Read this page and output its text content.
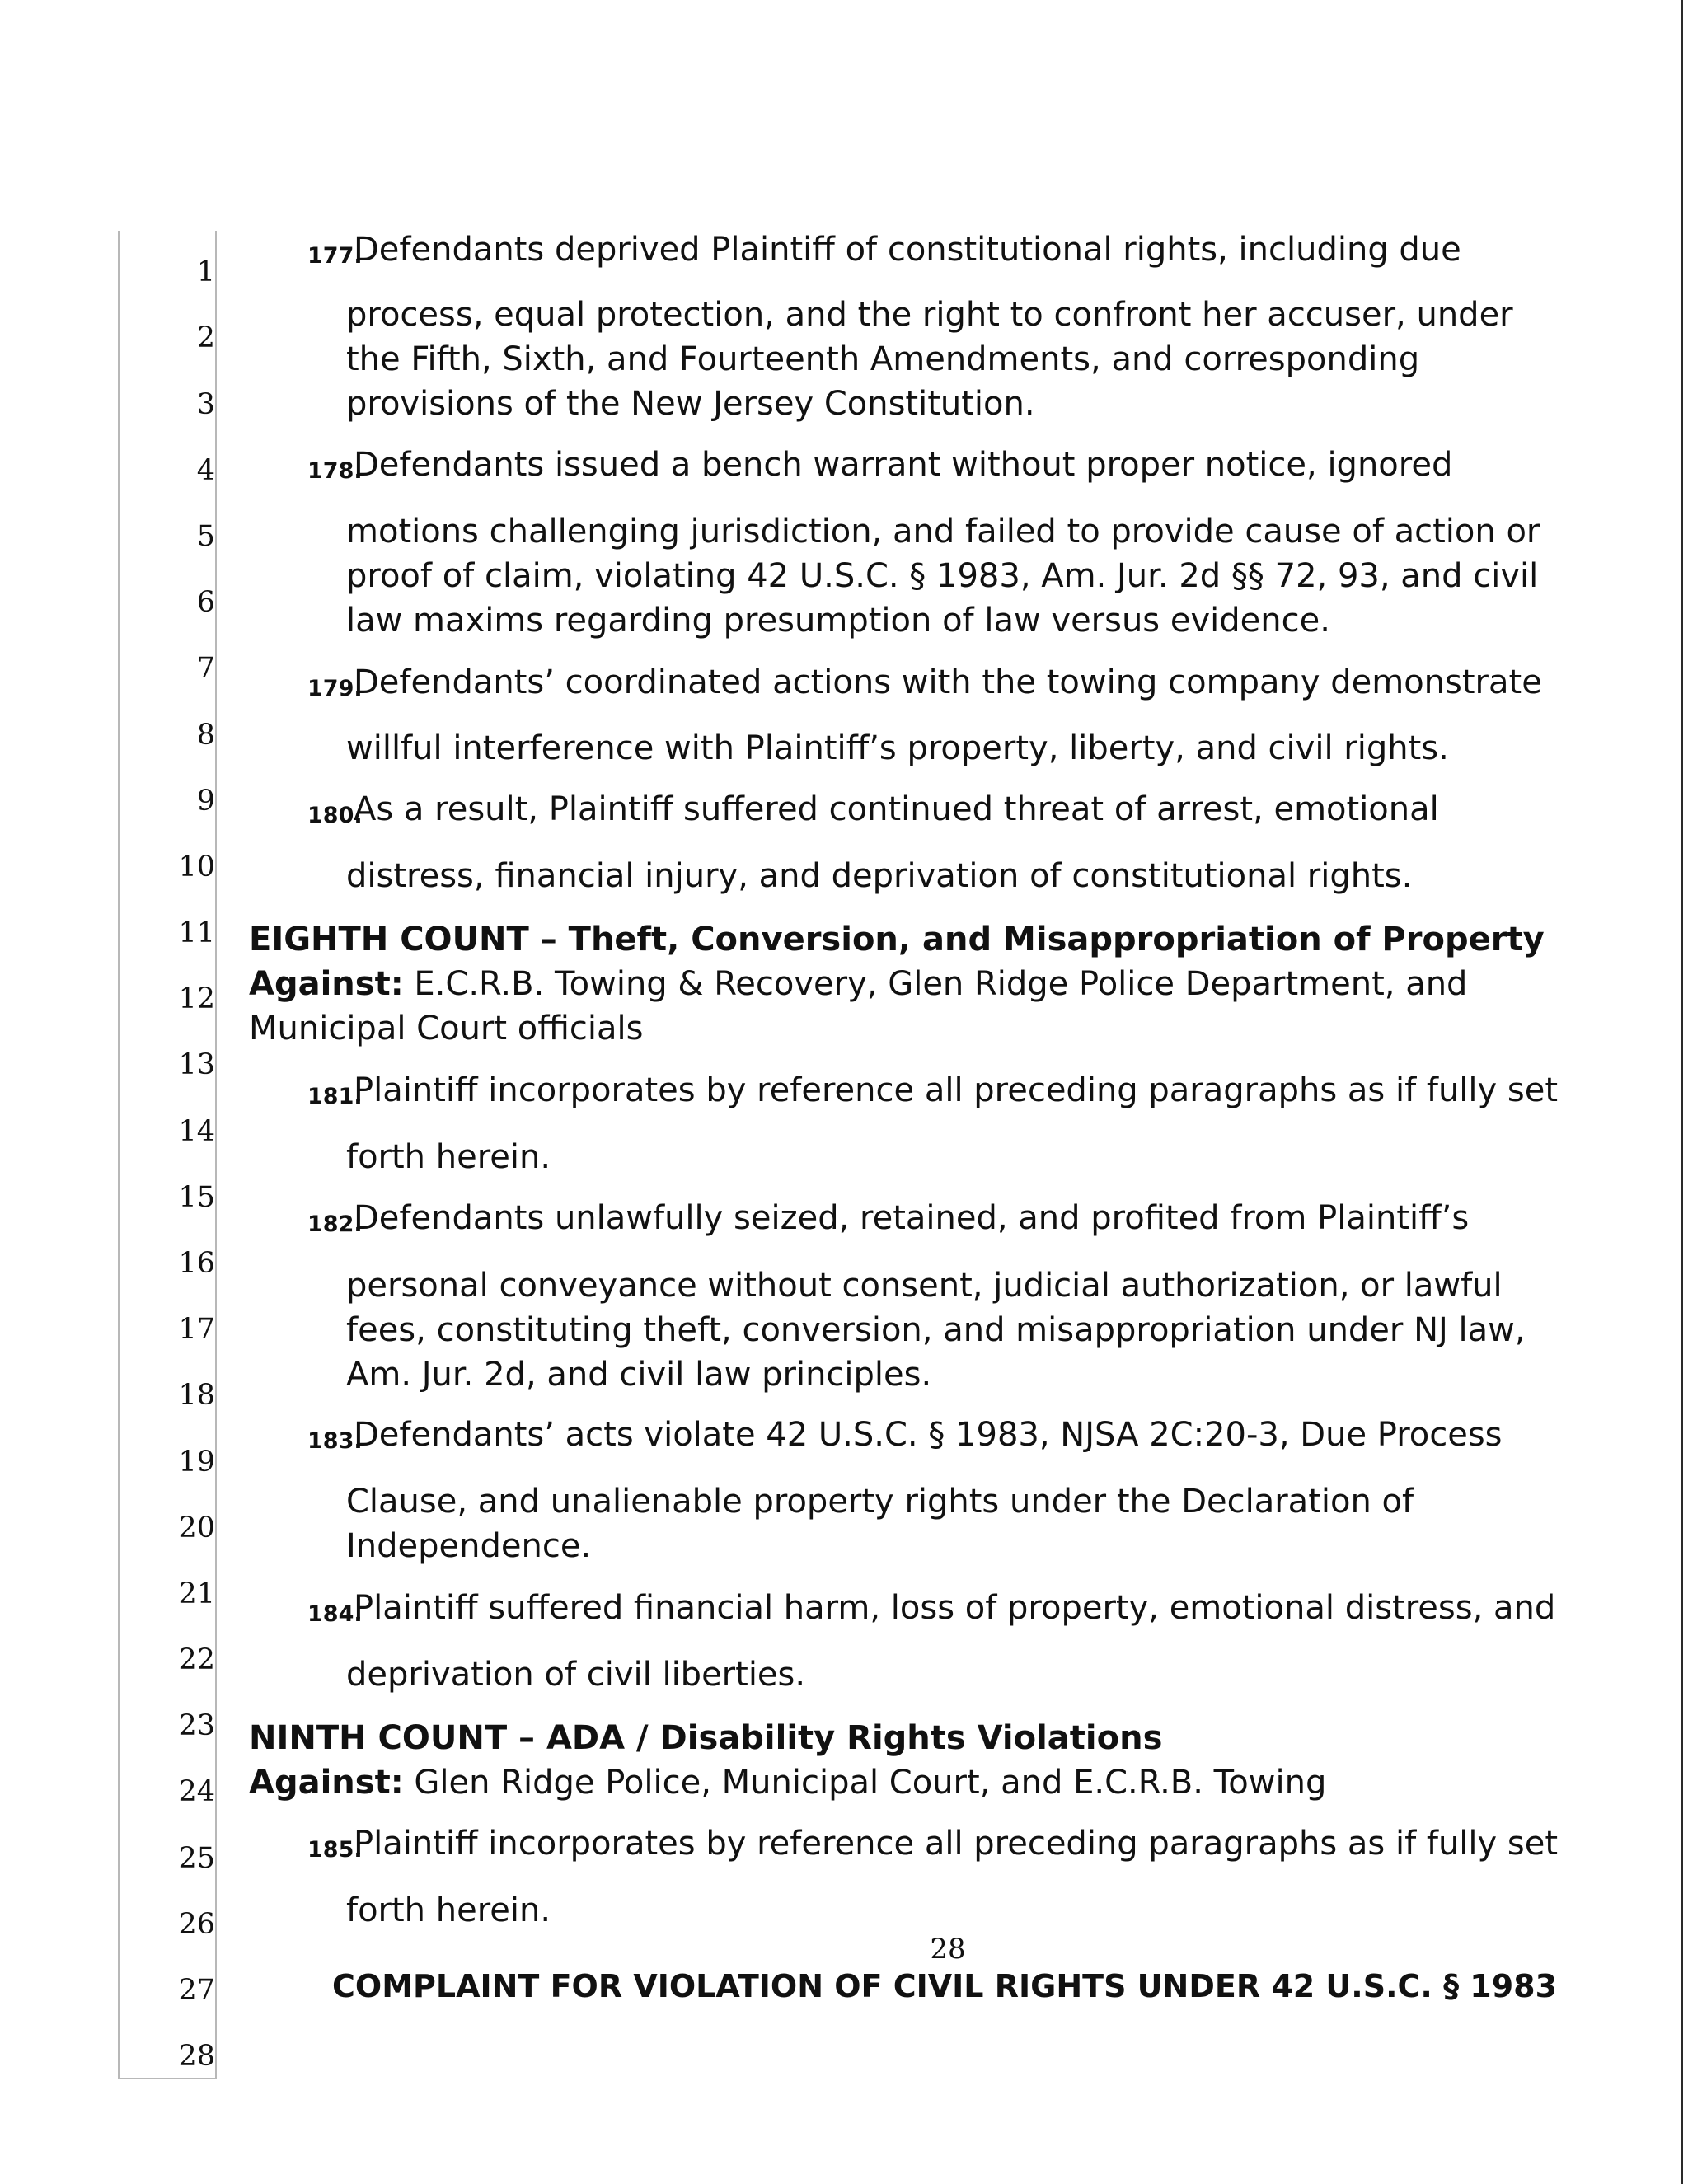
1
2
3
4
5
6
7
8
9
10
11
12
13
14
15
16
17
18
19
20
21
22
23
24
25
26
27
28
177.
Defendants deprived Plaintiff of constitutional rights, including due
process, equal protection, and the right to confront her accuser, under
the Fifth, Sixth, and Fourteenth Amendments, and corresponding
provisions of the New Jersey Constitution.
178.
Defendants issued a bench warrant without proper notice, ignored
motions challenging jurisdiction, and failed to provide cause of action or
proof of claim, violating 42 U.S.C. § 1983, Am. Jur. 2d §§ 72, 93, and civil
law maxims regarding presumption of law versus evidence.
179.
Defendants’ coordinated actions with the towing company demonstrate
willful interference with Plaintiff’s property, liberty, and civil rights.
180.
As a result, Plaintiff suffered continued threat of arrest, emotional
distress, financial injury, and deprivation of constitutional rights.
EIGHTH COUNT – Theft, Conversion, and Misappropriation of Property
Against: E.C.R.B. Towing & Recovery, Glen Ridge Police Department, and
Municipal Court officials
181.
Plaintiff incorporates by reference all preceding paragraphs as if fully set
forth herein.
182.
Defendants unlawfully seized, retained, and profited from Plaintiff’s
personal conveyance without consent, judicial authorization, or lawful
fees, constituting theft, conversion, and misappropriation under NJ law,
Am. Jur. 2d, and civil law principles.
183.
Defendants’ acts violate 42 U.S.C. § 1983, NJSA 2C:20-3, Due Process
Clause, and unalienable property rights under the Declaration of
Independence.
184.
Plaintiff suffered financial harm, loss of property, emotional distress, and
deprivation of civil liberties.
NINTH COUNT – ADA / Disability Rights Violations
Against: Glen Ridge Police, Municipal Court, and E.C.R.B. Towing
185.
Plaintiff incorporates by reference all preceding paragraphs as if fully set
forth herein.
28
COMPLAINT FOR VIOLATION OF CIVIL RIGHTS UNDER 42 U.S.C. § 1983
